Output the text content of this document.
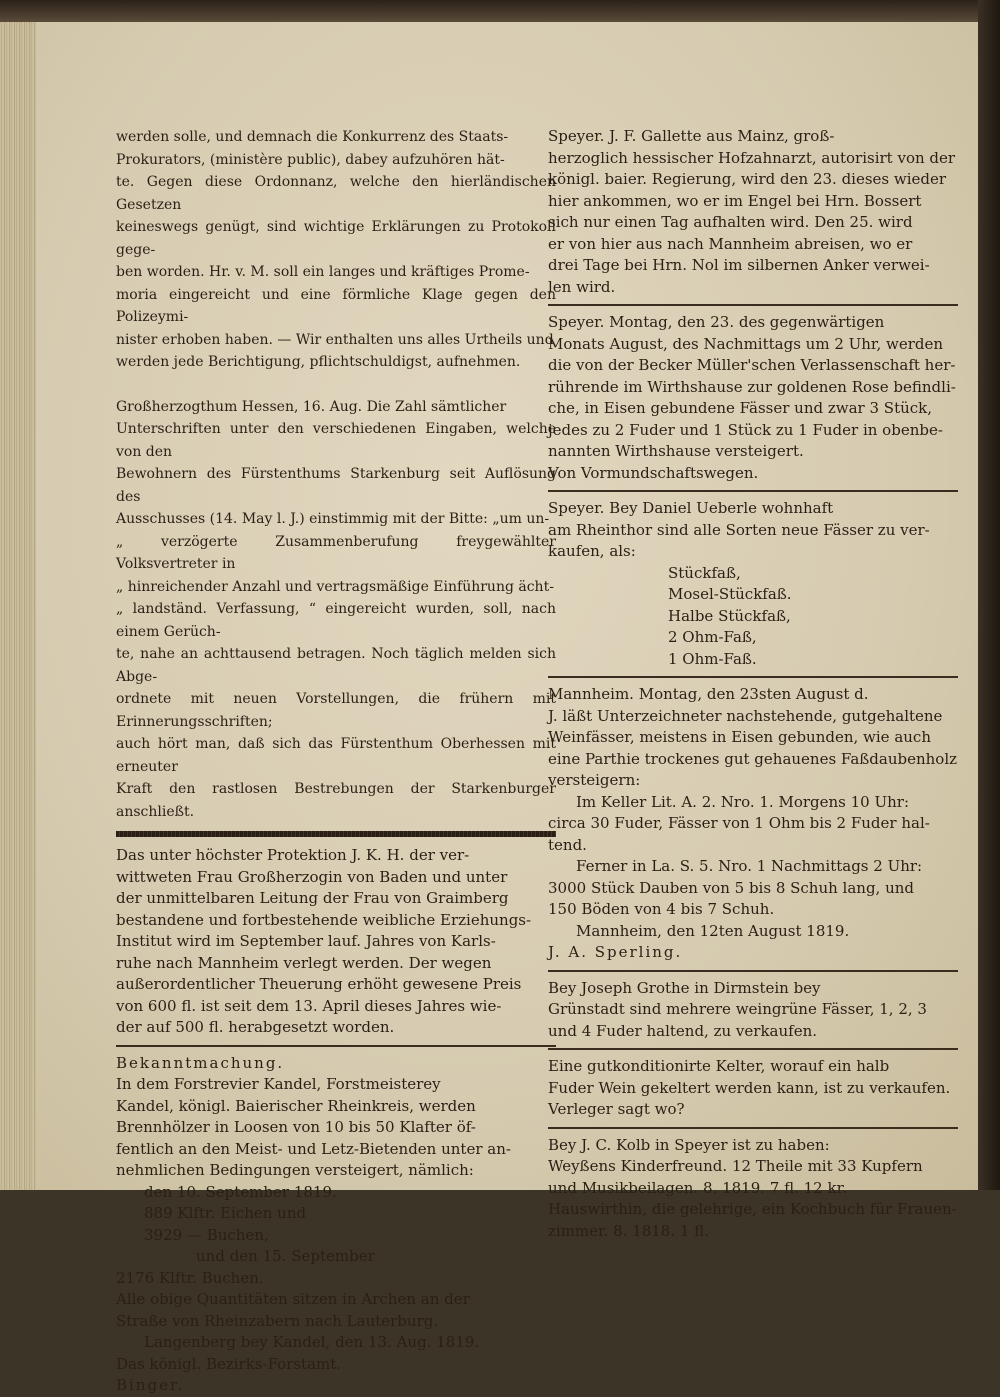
werden solle, und demnach die Konkurrenz des Staats-

Prokurators, (ministère public), dabey aufzuhören hät-

te. Gegen diese Ordonnanz, welche den hierländischen Gesetzen

keineswegs genügt, sind wichtige Erklärungen zu Protokoll gege-

ben worden. Hr. v. M. soll ein langes und kräftiges Prome-

moria eingereicht und eine förmliche Klage gegen den Polizeymi-

nister erhoben haben. — Wir enthalten uns alles Urtheils und

werden jede Berichtigung, pflichtschuldigst, aufnehmen.

Großherzogthum Hessen, 16. Aug. Die Zahl sämtlicher

Unterschriften unter den verschiedenen Eingaben, welche von den

Bewohnern des Fürstenthums Starkenburg seit Auflösung des

Ausschusses (14. May l. J.) einstimmig mit der Bitte: „um un-

„ verzögerte Zusammenberufung freygewählter Volksvertreter in

„ hinreichender Anzahl und vertragsmäßige Einführung ächt-

„ landständ. Verfassung, “ eingereicht wurden, soll, nach einem Gerüch-

te, nahe an achttausend betragen. Noch täglich melden sich Abge-

ordnete mit neuen Vorstellungen, die frühern mit Erinnerungsschriften;

auch hört man, daß sich das Fürstenthum Oberhessen mit erneuter

Kraft den rastlosen Bestrebungen der Starkenburger anschließt.

Das unter höchster Protektion J. K. H. der ver-

wittweten Frau Großherzogin von Baden und unter

der unmittelbaren Leitung der Frau von Graimberg

bestandene und fortbestehende weibliche Erziehungs-

Institut wird im September lauf. Jahres von Karls-

ruhe nach Mannheim verlegt werden. Der wegen

außerordentlicher Theuerung erhöht gewesene Preis

von 600 fl. ist seit dem 13. April dieses Jahres wie-

der auf 500 fl. herabgesetzt worden.

Bekanntmachung.

In dem Forstrevier Kandel, Forstmeisterey

Kandel, königl. Baierischer Rheinkreis, werden

Brennhölzer in Loosen von 10 bis 50 Klafter öf-

fentlich an den Meist- und Letz-Bietenden unter an-

nehmlichen Bedingungen versteigert, nämlich:

den 10. September 1819.

889 Klftr. Eichen und

3929 — Buchen,

und den 15. September

2176 Klftr. Buchen.

Alle obige Quantitäten sitzen in Archen an der

Straße von Rheinzabern nach Lauterburg.

Langenberg bey Kandel, den 13. Aug. 1819.

Das königl. Bezirks-Forstamt.

Binger.

Speyer. J. F. Gallette aus Mainz, groß-

herzoglich hessischer Hofzahnarzt, autorisirt von der

königl. baier. Regierung, wird den 23. dieses wieder

hier ankommen, wo er im Engel bei Hrn. Bossert

sich nur einen Tag aufhalten wird. Den 25. wird

er von hier aus nach Mannheim abreisen, wo er

drei Tage bei Hrn. Nol im silbernen Anker verwei-

len wird.

Speyer. Montag, den 23. des gegenwärtigen

Monats August, des Nachmittags um 2 Uhr, werden

die von der Becker Müller'schen Verlassenschaft her-

rührende im Wirthshause zur goldenen Rose befindli-

che, in Eisen gebundene Fässer und zwar 3 Stück,

jedes zu 2 Fuder und 1 Stück zu 1 Fuder in obenbe-

nannten Wirthshause versteigert.

Von Vormundschaftswegen.

Speyer. Bey Daniel Ueberle wohnhaft

am Rheinthor sind alle Sorten neue Fässer zu ver-

kaufen, als:

Stückfaß,

Mosel-Stückfaß.

Halbe Stückfaß,

2 Ohm-Faß,

1 Ohm-Faß.

Mannheim. Montag, den 23sten August d.

J. läßt Unterzeichneter nachstehende, gutgehaltene

Weinfässer, meistens in Eisen gebunden, wie auch

eine Parthie trockenes gut gehauenes Faßdaubenholz

versteigern:

Im Keller Lit. A. 2. Nro. 1. Morgens 10 Uhr:

circa 30 Fuder, Fässer von 1 Ohm bis 2 Fuder hal-

tend.

Ferner in La. S. 5. Nro. 1 Nachmittags 2 Uhr:

3000 Stück Dauben von 5 bis 8 Schuh lang, und

150 Böden von 4 bis 7 Schuh.

Mannheim, den 12ten August 1819.

J. A. Sperling.

Bey Joseph Grothe in Dirmstein bey

Grünstadt sind mehrere weingrüne Fässer, 1, 2, 3

und 4 Fuder haltend, zu verkaufen.

Eine gutkonditionirte Kelter, worauf ein halb

Fuder Wein gekeltert werden kann, ist zu verkaufen.

Verleger sagt wo?

Bey J. C. Kolb in Speyer ist zu haben:

Weyßens Kinderfreund. 12 Theile mit 33 Kupfern

und Musikbeilagen. 8. 1819. 7 fl. 12 kr.

Hauswirthin, die gelehrige, ein Kochbuch für Frauen-

zimmer. 8. 1818. 1 fl.
